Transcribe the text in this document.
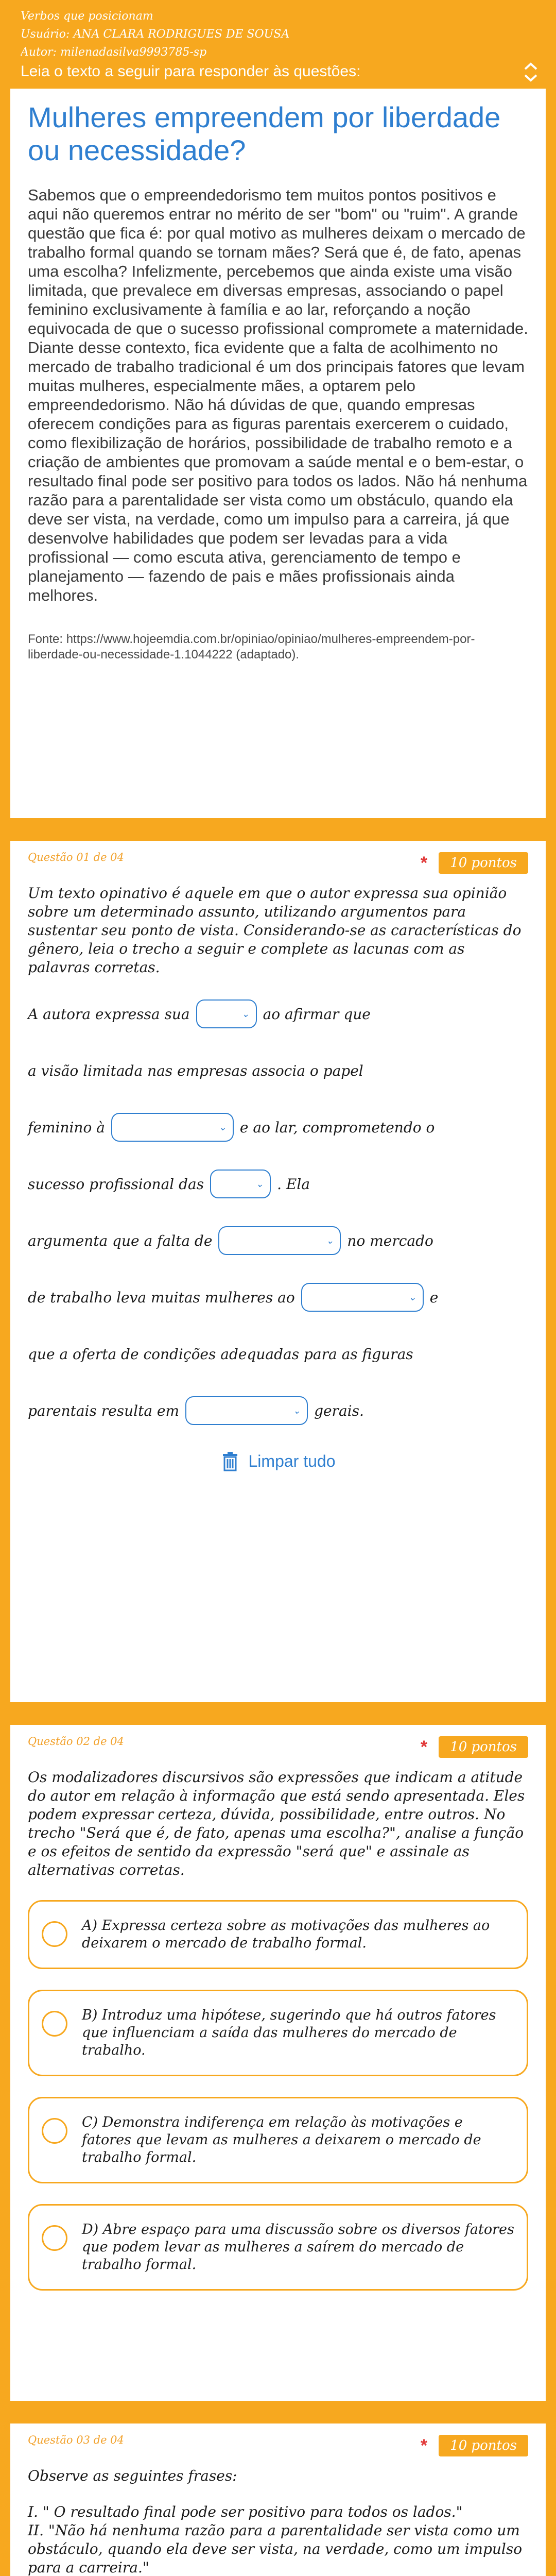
Verbos que posicionam
Usuário: ANA CLARA RODRIGUES DE SOUSA
Autor: milenadasilva9993785-sp
Leia o texto a seguir para responder às questões:
Mulheres empreendem por liberdade ou necessidade?
Sabemos que o empreendedorismo tem muitos pontos positivos e aqui não queremos entrar no mérito de ser "bom" ou "ruim". A grande questão que fica é: por qual motivo as mulheres deixam o mercado de trabalho formal quando se tornam mães? Será que é, de fato, apenas uma escolha? Infelizmente, percebemos que ainda existe uma visão limitada, que prevalece em diversas empresas, associando o papel feminino exclusivamente à família e ao lar, reforçando a noção equivocada de que o sucesso profissional compromete a maternidade. Diante desse contexto, fica evidente que a falta de acolhimento no mercado de trabalho tradicional é um dos principais fatores que levam muitas mulheres, especialmente mães, a optarem pelo empreendedorismo. Não há dúvidas de que, quando empresas oferecem condições para as figuras parentais exercerem o cuidado, como flexibilização de horários, possibilidade de trabalho remoto e a criação de ambientes que promovam a saúde mental e o bem-estar, o resultado final pode ser positivo para todos os lados. Não há nenhuma razão para a parentalidade ser vista como um obstáculo, quando ela deve ser vista, na verdade, como um impulso para a carreira, já que desenvolve habilidades que podem ser levadas para a vida profissional — como escuta ativa, gerenciamento de tempo e planejamento — fazendo de pais e mães profissionais ainda melhores.
Fonte: https://www.hojeemdia.com.br/opiniao/opiniao/mulheres-empreendem-por-liberdade-ou-necessidade-1.1044222 (adaptado).
Questão 01 de 04	*	10 pontos
Um texto opinativo é aquele em que o autor expressa sua opinião sobre um determinado assunto, utilizando argumentos para sustentar seu ponto de vista. Considerando-se as características do gênero, leia o trecho a seguir e complete as lacunas com as palavras corretas.
A autora expressa sua	⌄ ao afirmar que
a visão limitada nas empresas associa o papel
feminino à	⌄ e ao lar, comprometendo o
sucesso profissional das	⌄ . Ela
argumenta que a falta de	⌄ no mercado
de trabalho leva muitas mulheres ao	⌄ e
que a oferta de condições adequadas para as figuras
parentais resulta em	⌄ gerais.
Limpar tudo
Questão 02 de 04	*	10 pontos
Os modalizadores discursivos são expressões que indicam a atitude do autor em relação à informação que está sendo apresentada. Eles podem expressar certeza, dúvida, possibilidade, entre outros. No trecho "Será que é, de fato, apenas uma escolha?", analise a função e os efeitos de sentido da expressão "será que" e assinale as alternativas corretas.
A) Expressa certeza sobre as motivações das mulheres ao deixarem o mercado de trabalho formal.
B) Introduz uma hipótese, sugerindo que há outros fatores que influenciam a saída das mulheres do mercado de trabalho.
C) Demonstra indiferença em relação às motivações e fatores que levam as mulheres a deixarem o mercado de trabalho formal.
D) Abre espaço para uma discussão sobre os diversos fatores que podem levar as mulheres a saírem do mercado de trabalho formal.
Questão 03 de 04	*	10 pontos
Observe as seguintes frases:
I. " O resultado final pode ser positivo para todos os lados."
II. "Não há nenhuma razão para a parentalidade ser vista como um obstáculo, quando ela deve ser vista, na verdade, como um impulso para a carreira."
